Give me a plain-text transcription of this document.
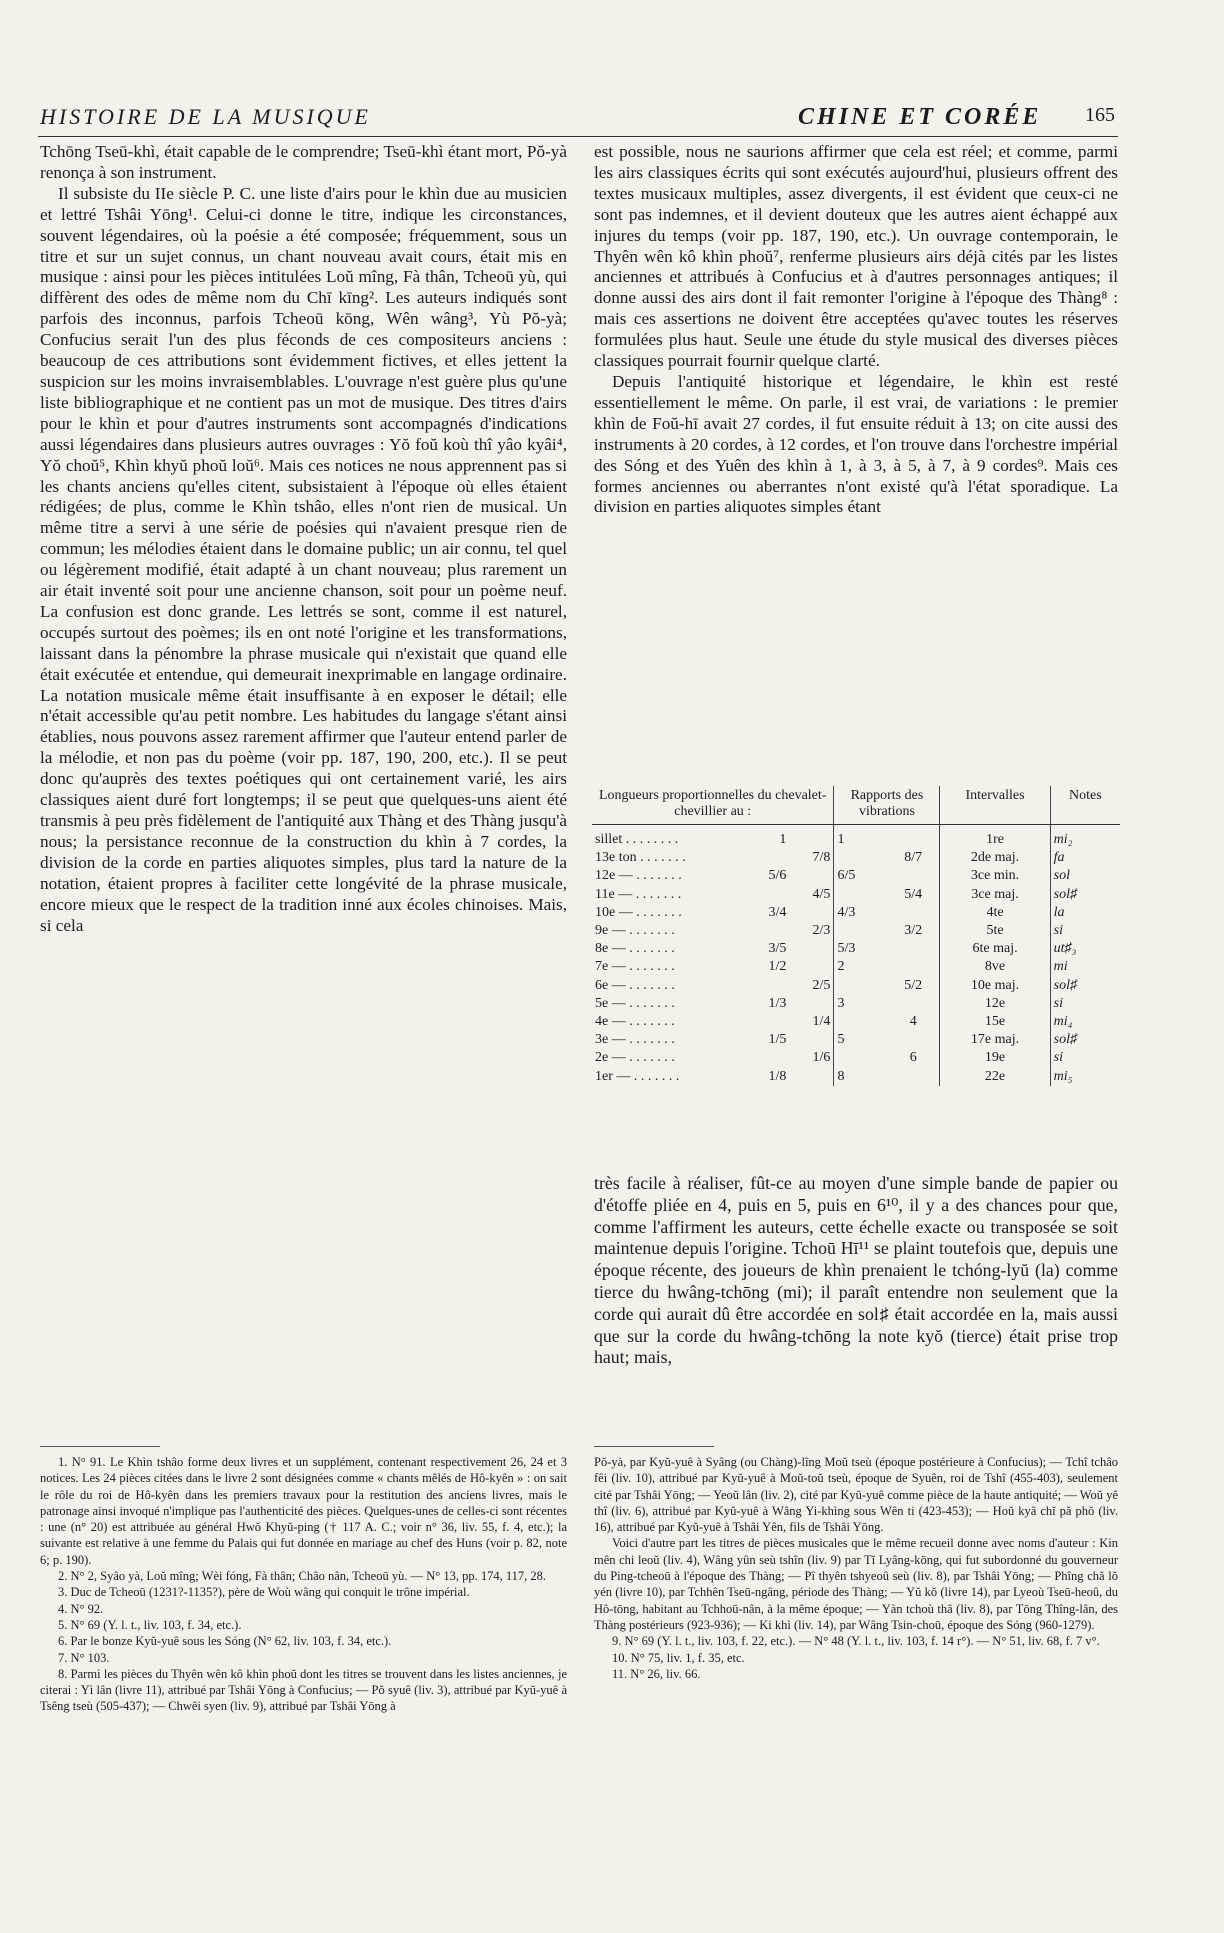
HISTOIRE DE LA MUSIQUE	CHINE ET CORÉE 165

Tchōng Tseū-khì, était capable de le comprendre; Tseū-khì étant mort, Pŏ-yà renonça à son instrument.

Il subsiste du IIe siècle P. C. une liste d'airs pour le khìn due au musicien et lettré Tshâi Yōng¹. Celui-ci donne le titre, indique les circonstances, souvent légendaires, où la poésie a été composée; fréquemment, sous un titre et sur un sujet connus, un chant nouveau avait cours, était mis en musique : ainsi pour les pièces intitulées Loŭ mîng, Fà thân, Tcheoū yù, qui diffèrent des odes de même nom du Chī kīng². Les auteurs indiqués sont parfois des inconnus, parfois Tcheoū kōng, Wên wâng³, Yù Pŏ-yà; Confucius serait l'un des plus féconds de ces compositeurs anciens : beaucoup de ces attributions sont évidemment fictives, et elles jettent la suspicion sur les moins invraisemblables. L'ouvrage n'est guère plus qu'une liste bibliographique et ne contient pas un mot de musique. Des titres d'airs pour le khìn et pour d'autres instruments sont accompagnés d'indications aussi légendaires dans plusieurs autres ouvrages : Yŏ foŭ koù thî yâo kyâi⁴, Yŏ choŭ⁵, Khìn khyŭ phoŭ loŭ⁶. Mais ces notices ne nous apprennent pas si les chants anciens qu'elles citent, subsistaient à l'époque où elles étaient rédigées; de plus, comme le Khìn tshâo, elles n'ont rien de musical. Un même titre a servi à une série de poésies qui n'avaient presque rien de commun; les mélodies étaient dans le domaine public; un air connu, tel quel ou légèrement modifié, était adapté à un chant nouveau; plus rarement un air était inventé soit pour une ancienne chanson, soit pour un poème neuf. La confusion est donc grande. Les lettrés se sont, comme il est naturel, occupés surtout des poèmes; ils en ont noté l'origine et les transformations, laissant dans la pénombre la phrase musicale qui n'existait que quand elle était exécutée et entendue, qui demeurait inexprimable en langage ordinaire. La notation musicale même était insuffisante à en exposer le détail; elle n'était accessible qu'au petit nombre. Les habitudes du langage s'étant ainsi établies, nous pouvons assez rarement affirmer que l'auteur entend parler de la mélodie, et non pas du poème (voir pp. 187, 190, 200, etc.). Il se peut donc qu'auprès des textes poétiques qui ont certainement varié, les airs classiques aient duré fort longtemps; il se peut que quelques-uns aient été transmis à peu près fidèlement de l'antiquité aux Thàng et des Thàng jusqu'à nous; la persistance reconnue de la construction du khìn à 7 cordes, la division de la corde en parties aliquotes simples, plus tard la nature de la notation, étaient propres à faciliter cette longévité de la phrase musicale, encore mieux que le respect de la tradition inné aux écoles chinoises. Mais, si cela

est possible, nous ne saurions affirmer que cela est réel; et comme, parmi les airs classiques écrits qui sont exécutés aujourd'hui, plusieurs offrent des textes musicaux multiples, assez divergents, il est évident que ceux-ci ne sont pas indemnes, et il devient douteux que les autres aient échappé aux injures du temps (voir pp. 187, 190, etc.). Un ouvrage contemporain, le Thyên wên kô khìn phoŭ⁷, renferme plusieurs airs déjà cités par les listes anciennes et attribués à Confucius et à d'autres personnages antiques; il donne aussi des airs dont il fait remonter l'origine à l'époque des Thàng⁸ : mais ces assertions ne doivent être acceptées qu'avec toutes les réserves formulées plus haut. Seule une étude du style musical des diverses pièces classiques pourrait fournir quelque clarté.

Depuis l'antiquité historique et légendaire, le khìn est resté essentiellement le même. On parle, il est vrai, de variations : le premier khìn de Foŭ-hī avait 27 cordes, il fut ensuite réduit à 13; on cite aussi des instruments à 20 cordes, à 12 cordes, et l'on trouve dans l'orchestre impérial des Sóng et des Yuên des khìn à 1, à 3, à 5, à 7, à 9 cordes⁹. Mais ces formes anciennes ou aberrantes n'ont existé qu'à l'état sporadique. La division en parties aliquotes simples étant

Longueurs proportionnelles du chevalet-chevillier au :			Rapports des vibrations		Intervalles	Notes
sillet . . . . . . . .	1		1		1re	mi₂
13e ton . . . . . . .		7/8		8/7	2de maj.	fa
12e — . . . . . . .	5/6		6/5		3ce min.	sol
11e — . . . . . . .		4/5		5/4	3ce maj.	sol♯
10e — . . . . . . .	3/4		4/3		4te	la
9e — . . . . . . .		2/3		3/2	5te	si
8e — . . . . . . .	3/5		5/3		6te maj.	ut♯₃
7e — . . . . . . .	1/2		2		8ve	mi
6e — . . . . . . .		2/5		5/2	10e maj.	sol♯
5e — . . . . . . .	1/3		3		12e	si
4e — . . . . . . .		1/4		4	15e	mi₄
3e — . . . . . . .	1/5		5		17e maj.	sol♯
2e — . . . . . . .		1/6		6	19e	si
1er — . . . . . . .	1/8		8		22e	mi₅

très facile à réaliser, fût-ce au moyen d'une simple bande de papier ou d'étoffe pliée en 4, puis en 5, puis en 6¹⁰, il y a des chances pour que, comme l'affirment les auteurs, cette échelle exacte ou transposée se soit maintenue depuis l'origine. Tchoū Hī¹¹ se plaint toutefois que, depuis une époque récente, des joueurs de khìn prenaient le tchóng-lyŭ (la) comme tierce du hwâng-tchōng (mi); il paraît entendre non seulement que la corde qui aurait dû être accordée en sol♯ était accordée en la, mais aussi que sur la corde du hwâng-tchōng la note kyŏ (tierce) était prise trop haut; mais,

1. N° 91. Le Khìn tshâo forme deux livres et un supplément, contenant respectivement 26, 24 et 3 notices. Les 24 pièces citées dans le livre 2 sont désignées comme « chants mêlés de Hô-kyên » : on sait le rôle du roi de Hô-kyên dans les premiers travaux pour la restitution des anciens livres, mais le patronage ainsi invoqué n'implique pas l'authenticité des pièces. Quelques-unes de celles-ci sont récentes : une (n° 20) est attribuée au général Hwŏ Khyŭ-ping († 117 A. C.; voir n° 36, liv. 55, f. 4, etc.); la suivante est relative à une femme du Palais qui fut donnée en mariage au chef des Huns (voir p. 82, note 6; p. 190).

2. N° 2, Syâo yà, Loŭ mîng; Wèi fóng, Fà thân; Châo nân, Tcheoū yù. — N° 13, pp. 174, 117, 28.

3. Duc de Tcheoū (1231?-1135?), père de Woù wâng qui conquit le trône impérial.

4. N° 92.

5. N° 69 (Y. l. t., liv. 103, f. 34, etc.).

6. Par le bonze Kyŭ-yuê sous les Sóng (N° 62, liv. 103, f. 34, etc.).

7. N° 103.

8. Parmi les pièces du Thyên wên kô khìn phoŭ dont les titres se trouvent dans les listes anciennes, je citerai : Yì lân (livre 11), attribué par Tshâi Yōng à Confucius; — Pŏ syuê (liv. 3), attribué par Kyŭ-yuê à Tsêng tseù (505-437); — Chwêi syen (liv. 9), attribué par Tshâi Yōng à

Pŏ-yà, par Kyŭ-yuê à Syâng (ou Chàng)-lîng Moŭ tseù (époque postérieure à Confucius); — Tchî tchâo fêi (liv. 10), attribué par Kyŭ-yuê à Moŭ-toŭ tseù, époque de Syuên, roi de Tshî (455-403), seulement cité par Tshâi Yōng; — Yeoŭ lân (liv. 2), cité par Kyŭ-yuê comme pièce de la haute antiquité; — Woŭ yĕ thî (liv. 6), attribué par Kyŭ-yuê à Wâng Yi-khìng sous Wên ti (423-453); — Hoŭ kyâ chĭ pă phŏ (liv. 16), attribué par Kyŭ-yuê à Tshâi Yên, fils de Tshâi Yōng.

Voici d'autre part les titres de pièces musicales que le même recueil donne avec noms d'auteur : Kin mên chi leoŭ (liv. 4), Wâng yûn seù tshîn (liv. 9) par Tĭ Lyâng-kōng, qui fut subordonné du gouverneur du Ping-tcheoū à l'époque des Thàng; — Pî thyên tshyeoû seù (liv. 8), par Tshâi Yōng; — Phîng chă lŏ yén (livre 10), par Tchhên Tseū-ngâng, période des Thàng; — Yŭ kŏ (livre 14), par Lyeoù Tseū-heoû, du Hô-tōng, habitant au Tchhoū-nân, à la même époque; — Yàn tchoù thâ (liv. 8), par Tōng Thîng-lân, des Thàng postérieurs (923-936); — Ki khì (liv. 14), par Wâng Tsin-choū, époque des Sóng (960-1279).

9. N° 69 (Y. l. t., liv. 103, f. 22, etc.). — N° 48 (Y. l. t., liv. 103, f. 14 r°). — N° 51, liv. 68, f. 7 v°.

10. N° 75, liv. 1, f. 35, etc.

11. N° 26, liv. 66.
